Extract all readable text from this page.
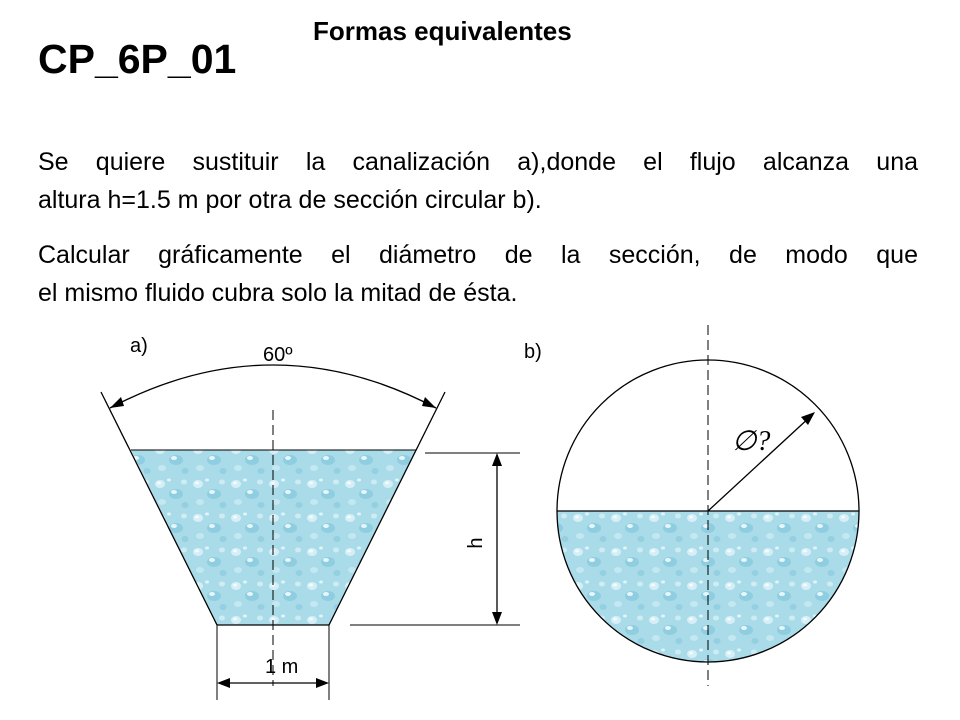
Formas equivalentes
CP_6P_01
Se quiere sustituir la canalización a),donde el flujo alcanza una
altura h=1.5 m por otra de sección circular b).
Calcular gráficamente el diámetro de la sección, de modo que
el mismo fluido cubra solo la mitad de ésta.
a)	60º
1 m
h
b)
∅?
